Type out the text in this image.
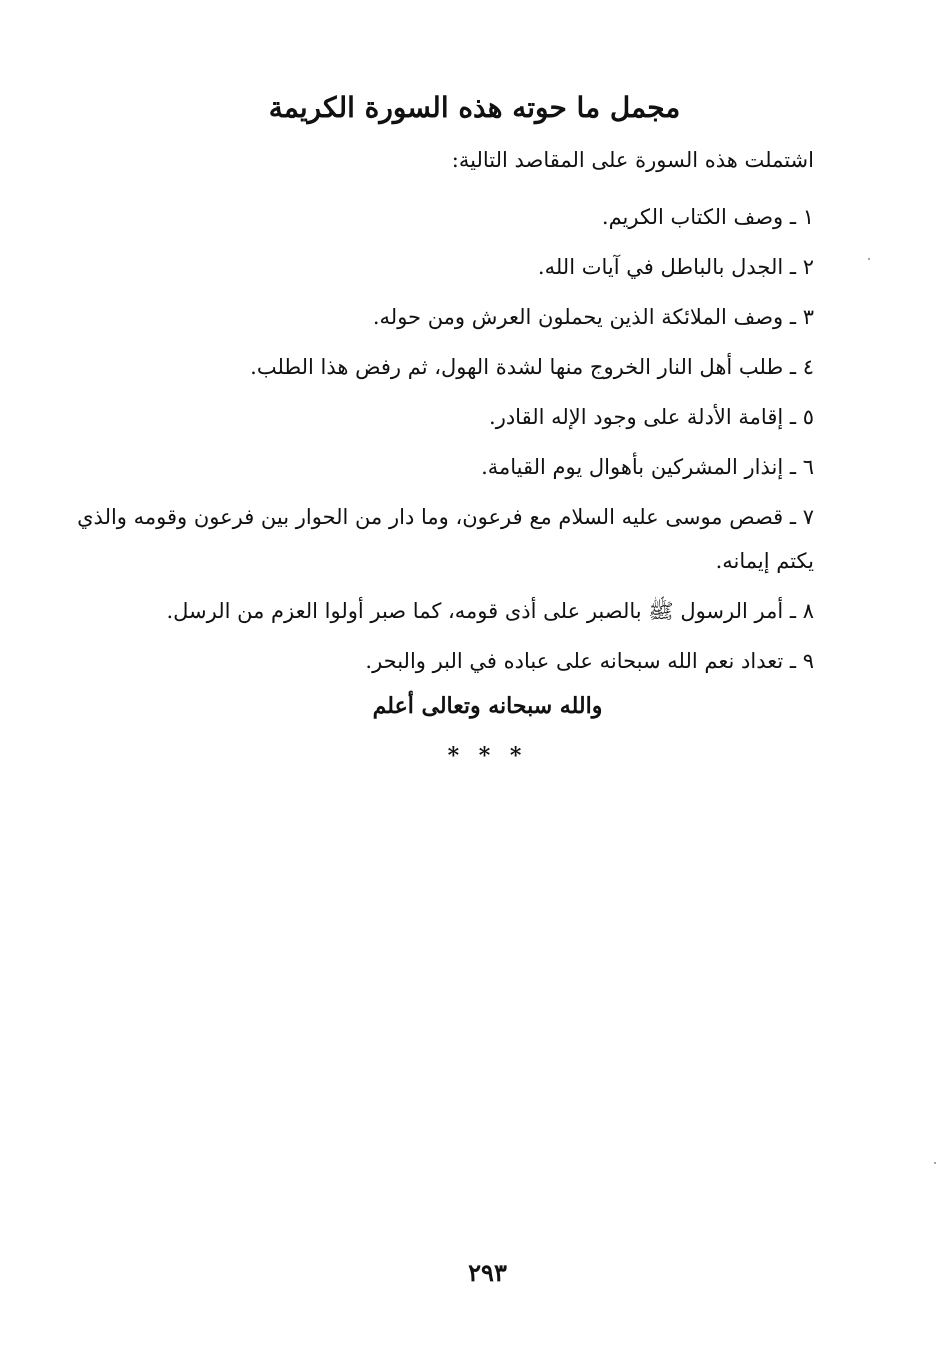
مجمل ما حوته هذه السورة الكريمة

اشتملت هذه السورة على المقاصد التالية:

١ ـ وصف الكتاب الكريم.
٢ ـ الجدل بالباطل في آيات الله.
٣ ـ وصف الملائكة الذين يحملون العرش ومن حوله.
٤ ـ طلب أهل النار الخروج منها لشدة الهول، ثم رفض هذا الطلب.
٥ ـ إقامة الأدلة على وجود الإله القادر.
٦ ـ إنذار المشركين بأهوال يوم القيامة.
٧ ـ قصص موسى عليه السلام مع فرعون، وما دار من الحوار بين فرعون وقومه والذي يكتم إيمانه.
٨ ـ أمر الرسول ﷺ بالصبر على أذى قومه، كما صبر أولوا العزم من الرسل.
٩ ـ تعداد نعم الله سبحانه على عباده في البر والبحر.

والله سبحانه وتعالى أعلم

* * *
٢٩٣
